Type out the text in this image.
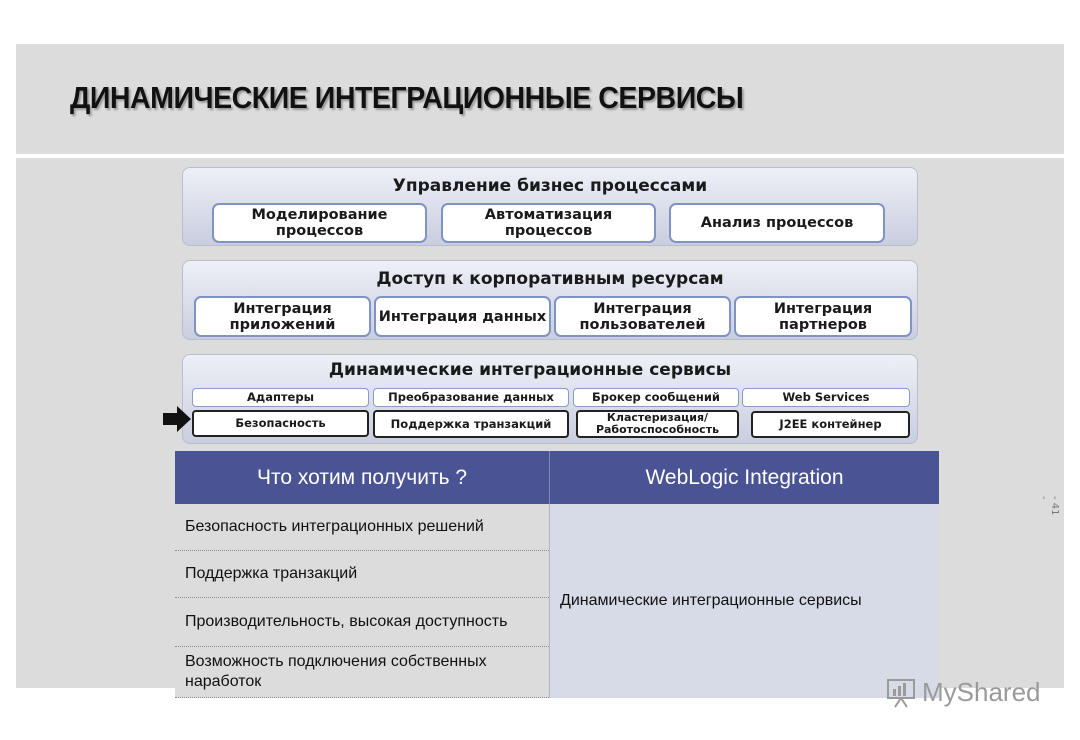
ДИНАМИЧЕСКИЕ ИНТЕГРАЦИОННЫЕ СЕРВИСЫ
Управление бизнес процессами
Моделирование процессов
Автоматизация процессов	Анализ процессов
Доступ к корпоративным ресурсам
Интеграция приложений	Интеграция данных	Интеграция пользователей
Интеграция партнеров
Динамические интеграционные сервисы
Адаптеры	Преобразование данных	Брокер сообщений	Web Services
Безопасность	Поддержка транзакций	Кластеризация/ Работоспособность	J2EE контейнер
Что хотим получить ?	WebLogic Integration
Безопасность интеграционных решений
Поддержка транзакций
Производительность, высокая доступность
Возможность подключения собственных наработок
Динамические интеграционные сервисы
- 41 -
MyShared
